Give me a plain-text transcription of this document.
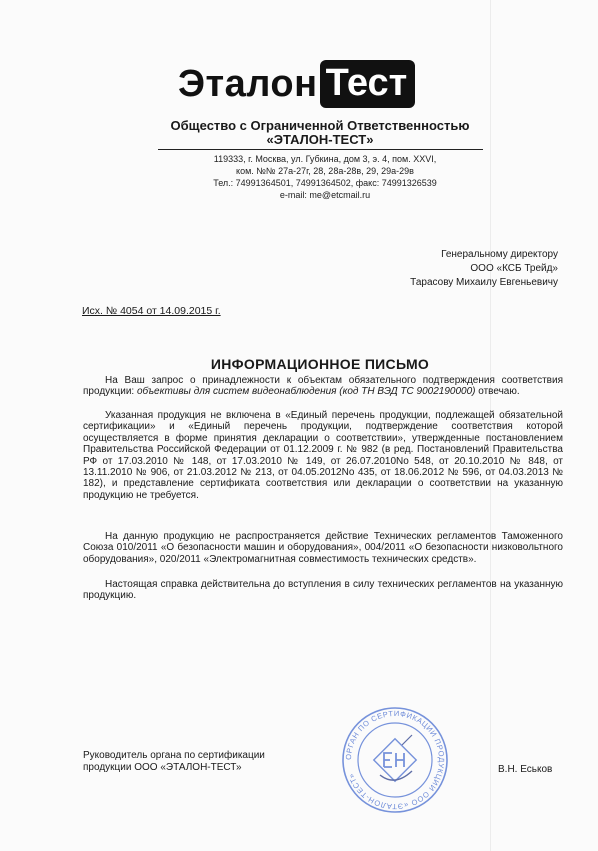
Эталон Тест
Общество с Ограниченной Ответственностью
«ЭТАЛОН-ТЕСТ»
119333, г. Москва, ул. Губкина, дом 3, э. 4, пом. XXVI,
ком. №№ 27а-27г, 28, 28а-28в, 29, 29а-29в
Тел.: 74991364501, 74991364502, факс: 74991326539
e-mail: me@etcmail.ru
Генеральному директору
ООО «КСБ Трейд»
Тарасову Михаилу Евгеньевичу
Исх. № 4054 от 14.09.2015 г.
ИНФОРМАЦИОННОЕ ПИСЬМО

На Ваш запрос о принадлежности к объектам обязательного подтверждения соответствия продукции: объективы для систем видеонаблюдения (код ТН ВЭД ТС 9002190000) отвечаю.

Указанная продукция не включена в «Единый перечень продукции, подлежащей обязательной сертификации» и «Единый перечень продукции, подтверждение соответствия которой осуществляется в форме принятия декларации о соответствии», утвержденные постановлением Правительства Российской Федерации от 01.12.2009 г. № 982 (в ред. Постановлений Правительства РФ от 17.03.2010 № 148, от 17.03.2010 № 149, от 26.07.2010No 548, от 20.10.2010 № 848, от 13.11.2010 № 906, от 21.03.2012 № 213, от 04.05.2012No 435, от 18.06.2012 № 596, от 04.03.2013 № 182), и представление сертификата соответствия или декларации о соответствии на указанную продукцию не требуется.

На данную продукцию не распространяется действие Технических регламентов Таможенного Союза 010/2011 «О безопасности машин и оборудования», 004/2011 «О безопасности низковольтного оборудования», 020/2011 «Электромагнитная совместимость технических средств».

Настоящая справка действительна до вступления в силу технических регламентов на указанную продукцию.

Руководитель органа по сертификации
продукции ООО «ЭТАЛОН-ТЕСТ»	В.Н. Еськов
ОРГАН ПО СЕРТИФИКАЦИИ ПРОДУКЦИИ ООО «ЭТАЛОН-ТЕСТ»
